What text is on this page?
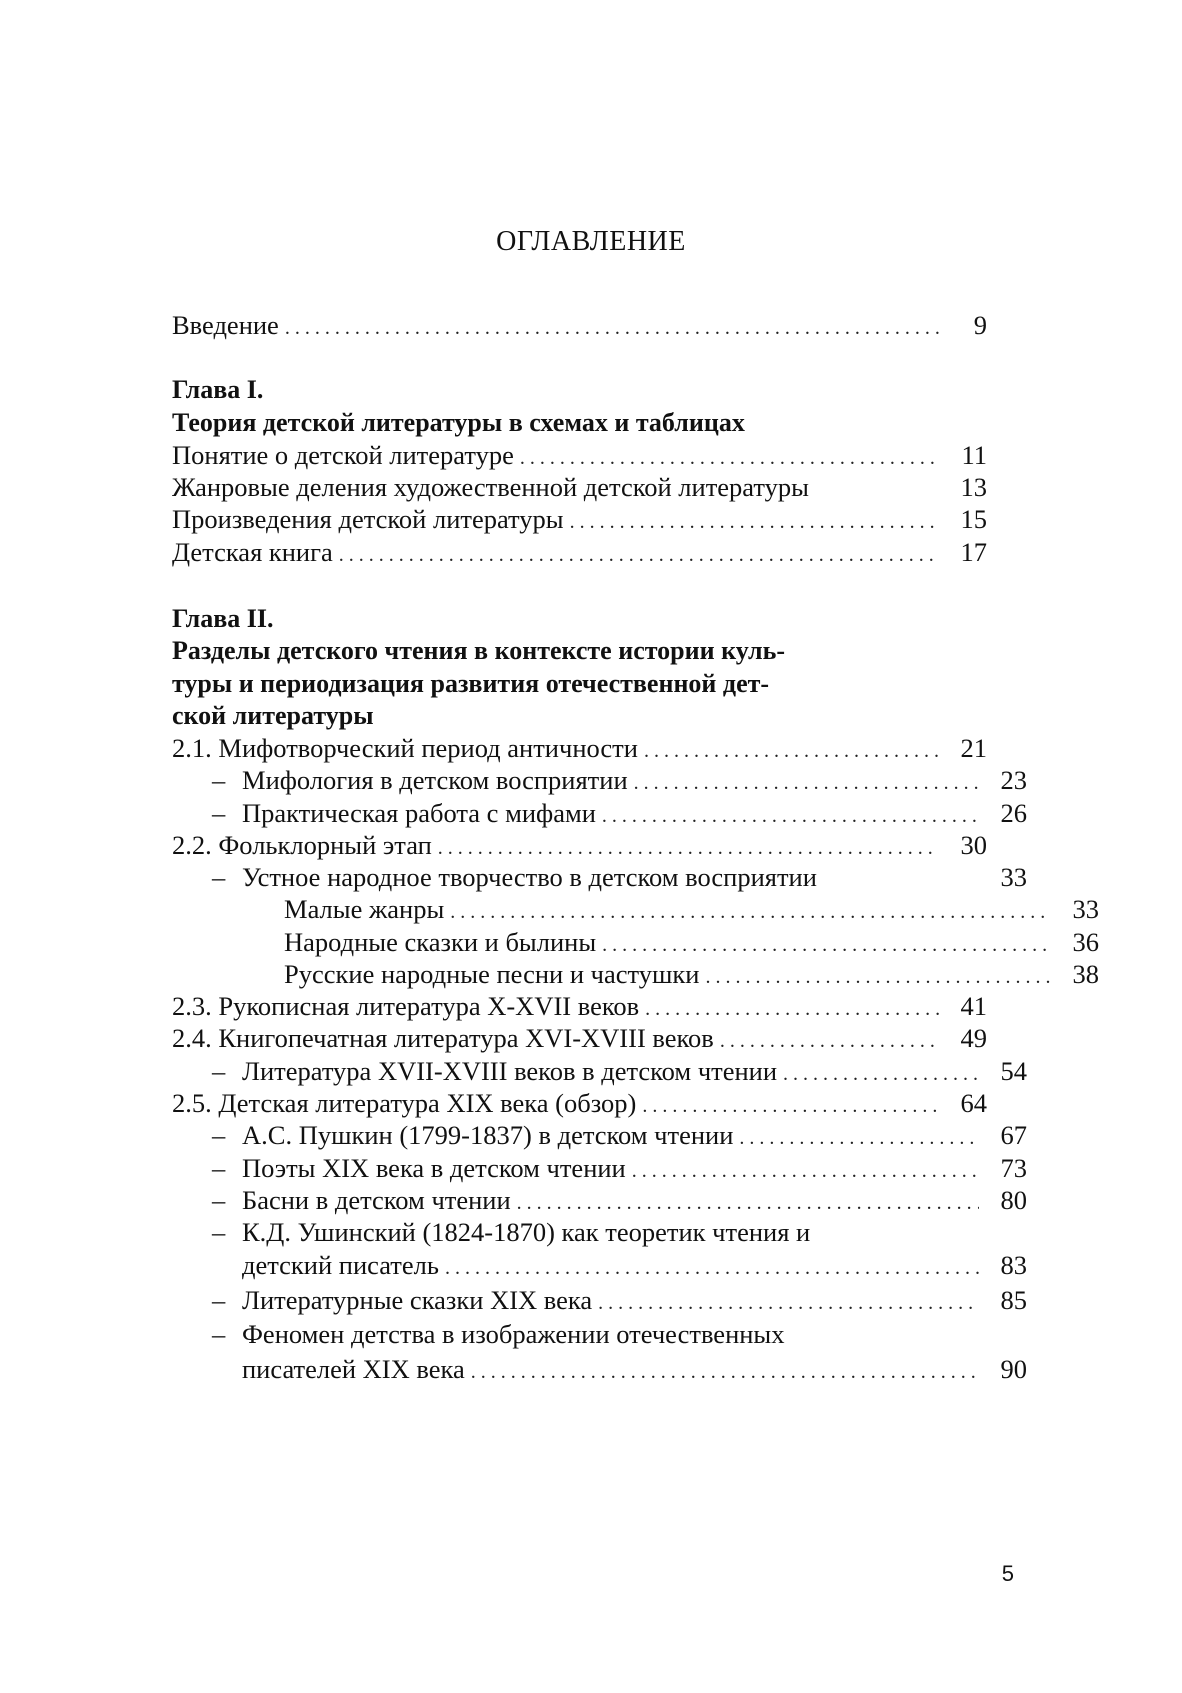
ОГЛАВЛЕНИЕ
Введение . . .	9
Глава I.
Теория детской литературы в схемах и таблицах
Понятие о детской литературе . . .	11
Жанровые деления художественной детской литературы	13
Произведения детской литературы . . .	15
Детская книга . . .	17
Глава II.
Разделы детского чтения в контексте истории куль-
туры и периодизация развития отечественной дет-
ской литературы
2.1. Мифотворческий период античности . . .	21
– Мифология в детском восприятии . . .	23
– Практическая работа с мифами . . .	26
2.2. Фольклорный этап . . .	30
– Устное народное творчество в детском восприятии	33
Малые жанры . . .	33
Народные сказки и былины . . .	36
Русские народные песни и частушки . . .	38
2.3. Рукописная литература X-XVII веков . . .	41
2.4. Книгопечатная литература XVI-XVIII веков . . .	49
– Литература XVII-XVIII веков в детском чтении . . .	54
2.5. Детская литература XIX века (обзор) . . .	64
– А.С. Пушкин (1799-1837) в детском чтении . . .	67
– Поэты XIX века в детском чтении . . .	73
– Басни в детском чтении . . .	80
– К.Д. Ушинский (1824-1870) как теоретик чтения и
детский писатель . . .	83
– Литературные сказки XIX века . . .	85
– Феномен детства в изображении отечественных
писателей XIX века . . .	90
5
